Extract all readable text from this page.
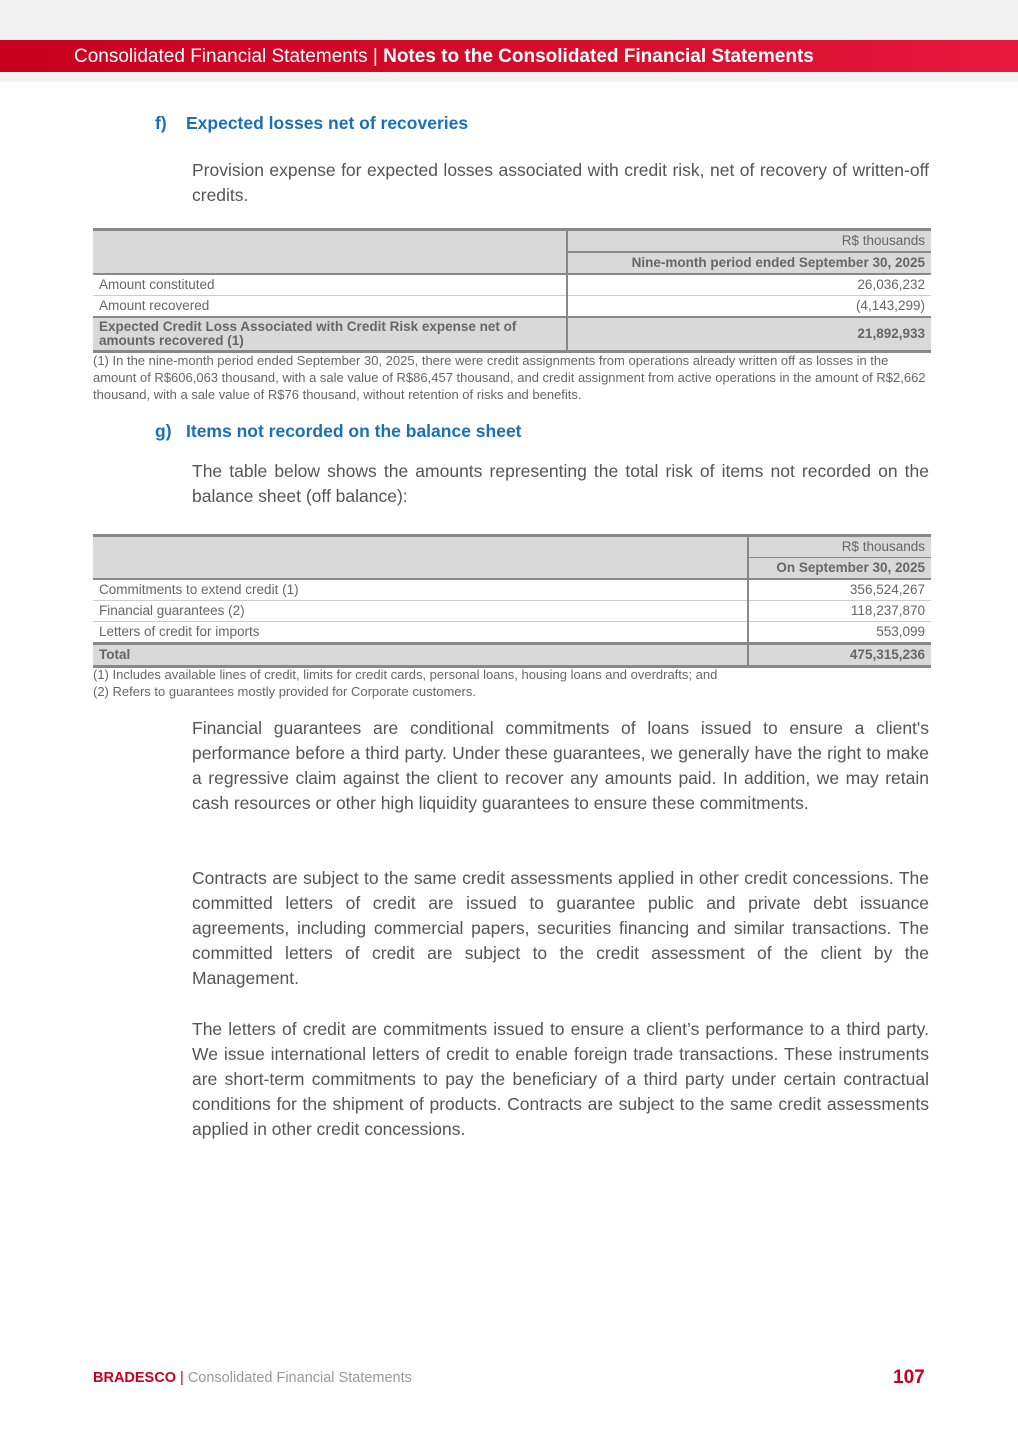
Consolidated Financial Statements | Notes to the Consolidated Financial Statements
f) Expected losses net of recoveries
Provision expense for expected losses associated with credit risk, net of recovery of written-off credits.
	R$ thousands
	Nine-month period ended September 30, 2025
Amount constituted	26,036,232
Amount recovered	(4,143,299)
Expected Credit Loss Associated with Credit Risk expense net of amounts recovered (1)	21,892,933
(1) In the nine-month period ended September 30, 2025, there were credit assignments from operations already written off as losses in the amount of R$606,063 thousand, with a sale value of R$86,457 thousand, and credit assignment from active operations in the amount of R$2,662 thousand, with a sale value of R$76 thousand, without retention of risks and benefits.
g) Items not recorded on the balance sheet
The table below shows the amounts representing the total risk of items not recorded on the balance sheet (off balance):
	R$ thousands
	On September 30, 2025
Commitments to extend credit (1)	356,524,267
Financial guarantees (2)	118,237,870
Letters of credit for imports	553,099
Total	475,315,236
(1) Includes available lines of credit, limits for credit cards, personal loans, housing loans and overdrafts; and
(2) Refers to guarantees mostly provided for Corporate customers.
Financial guarantees are conditional commitments of loans issued to ensure a client's performance before a third party. Under these guarantees, we generally have the right to make a regressive claim against the client to recover any amounts paid. In addition, we may retain cash resources or other high liquidity guarantees to ensure these commitments.
Contracts are subject to the same credit assessments applied in other credit concessions. The committed letters of credit are issued to guarantee public and private debt issuance agreements, including commercial papers, securities financing and similar transactions. The committed letters of credit are subject to the credit assessment of the client by the Management.
The letters of credit are commitments issued to ensure a client’s performance to a third party. We issue international letters of credit to enable foreign trade transactions. These instruments are short-term commitments to pay the beneficiary of a third party under certain contractual conditions for the shipment of products. Contracts are subject to the same credit assessments applied in other credit concessions.
BRADESCO | Consolidated Financial Statements	107
